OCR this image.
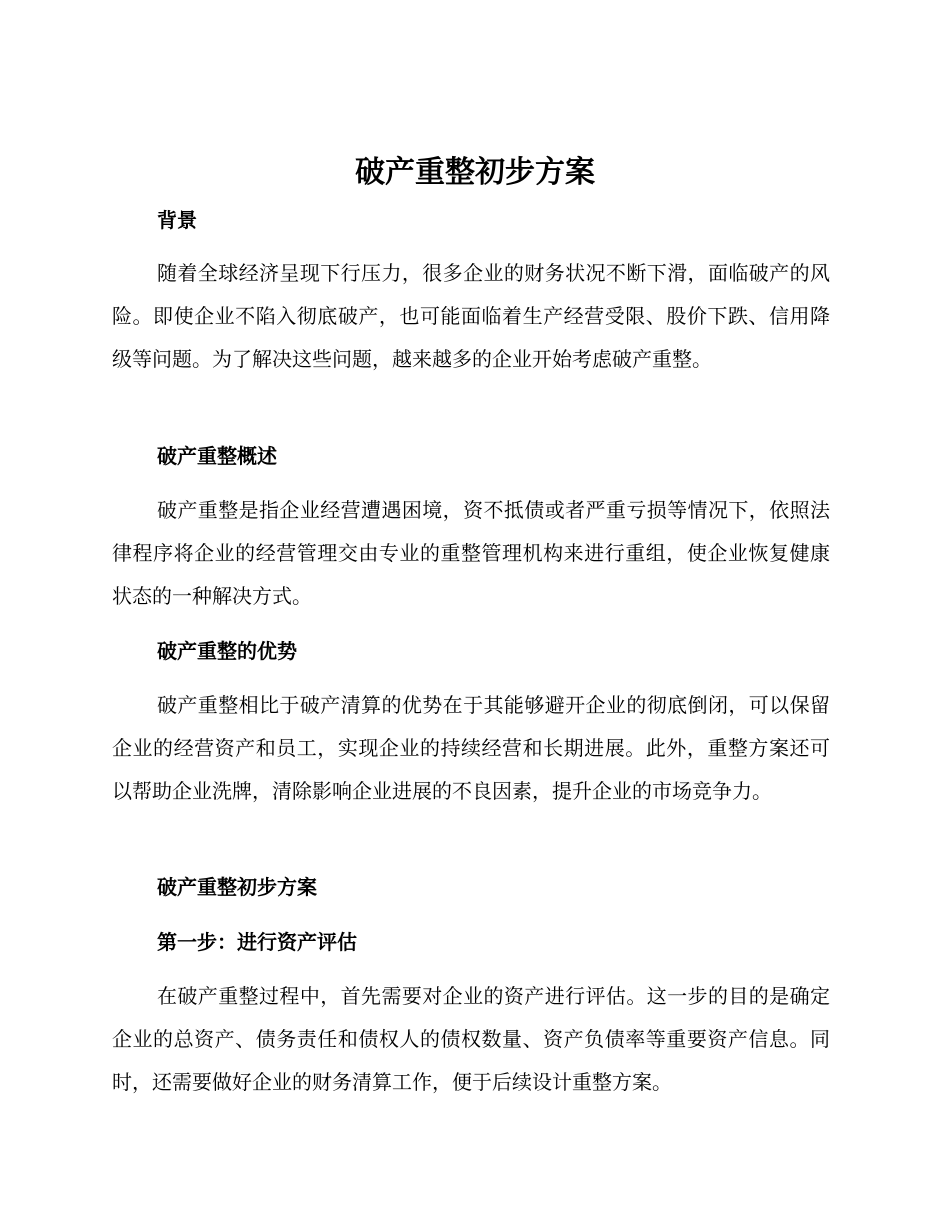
破产重整初步方案
背景

随着全球经济呈现下行压力，很多企业的财务状况不断下滑，面临破产的风险。即使企业不陷入彻底破产，也可能面临着生产经营受限、股价下跌、信用降级等问题。为了解决这些问题，越来越多的企业开始考虑破产重整。

破产重整概述

破产重整是指企业经营遭遇困境，资不抵债或者严重亏损等情况下，依照法律程序将企业的经营管理交由专业的重整管理机构来进行重组，使企业恢复健康状态的一种解决方式。

破产重整的优势

破产重整相比于破产清算的优势在于其能够避开企业的彻底倒闭，可以保留企业的经营资产和员工，实现企业的持续经营和长期进展。此外，重整方案还可以帮助企业洗牌，清除影响企业进展的不良因素，提升企业的市场竞争力。

破产重整初步方案
第一步：进行资产评估

在破产重整过程中，首先需要对企业的资产进行评估。这一步的目的是确定企业的总资产、债务责任和债权人的债权数量、资产负债率等重要资产信息。同时，还需要做好企业的财务清算工作，便于后续设计重整方案。
